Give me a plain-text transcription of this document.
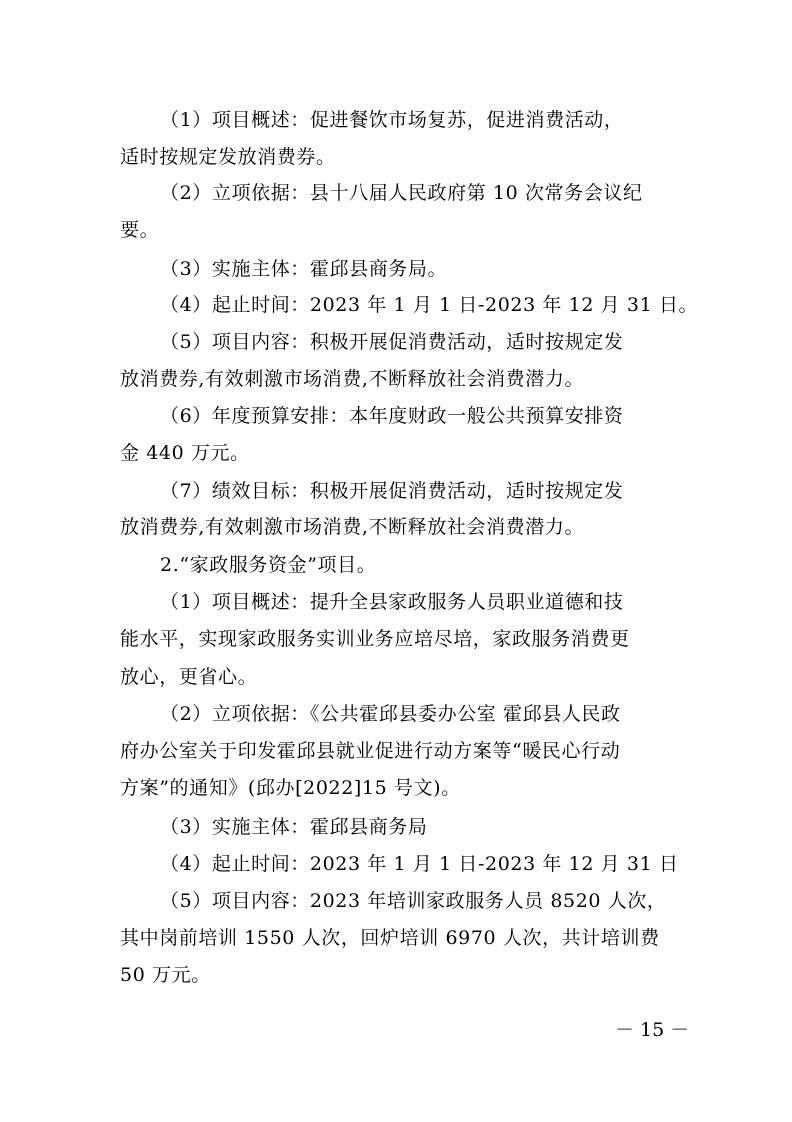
（1）项目概述：促进餐饮市场复苏，促进消费活动，
适时按规定发放消费券。
（2）立项依据：县十八届人民政府第 10 次常务会议纪
要。
（3）实施主体：霍邱县商务局。
（4）起止时间：2023 年 1 月 1 日-2023 年 12 月 31 日。
（5）项目内容：积极开展促消费活动，适时按规定发
放消费券,有效刺激市场消费,不断释放社会消费潜力。
（6）年度预算安排：本年度财政一般公共预算安排资
金 440 万元。
（7）绩效目标：积极开展促消费活动，适时按规定发
放消费券,有效刺激市场消费,不断释放社会消费潜力。
2.“家政服务资金”项目。
（1）项目概述：提升全县家政服务人员职业道德和技
能水平，实现家政服务实训业务应培尽培，家政服务消费更
放心，更省心。
（2）立项依据：《公共霍邱县委办公室 霍邱县人民政
府办公室关于印发霍邱县就业促进行动方案等“暖民心行动
方案”的通知》(邱办[2022]15 号文)。
（3）实施主体：霍邱县商务局
（4）起止时间：2023 年 1 月 1 日-2023 年 12 月 31 日
（5）项目内容：2023 年培训家政服务人员 8520 人次，
其中岗前培训 1550 人次，回炉培训 6970 人次，共计培训费
50 万元。
－ 15 －
